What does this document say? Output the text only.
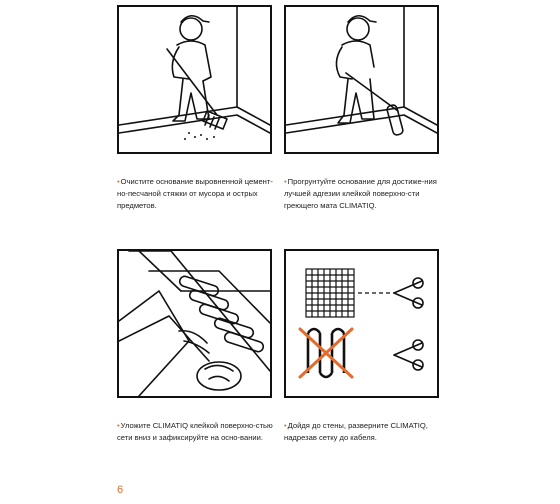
•Очистите основание выровненной цемент-но-песчаной стяжки от мусора и острых предметов.
•Прогрунтуйте основание для достиже-ния лучшей адгезии клейкой поверхно-сти греющего мата CLIMATIQ.
•Уложите CLIMATIQ клейкой поверхно-стью сети вниз и зафиксируйте на осно-вании.
•Дойдя до стены, разверните CLIMATIQ, надрезав сетку до кабеля.
6
